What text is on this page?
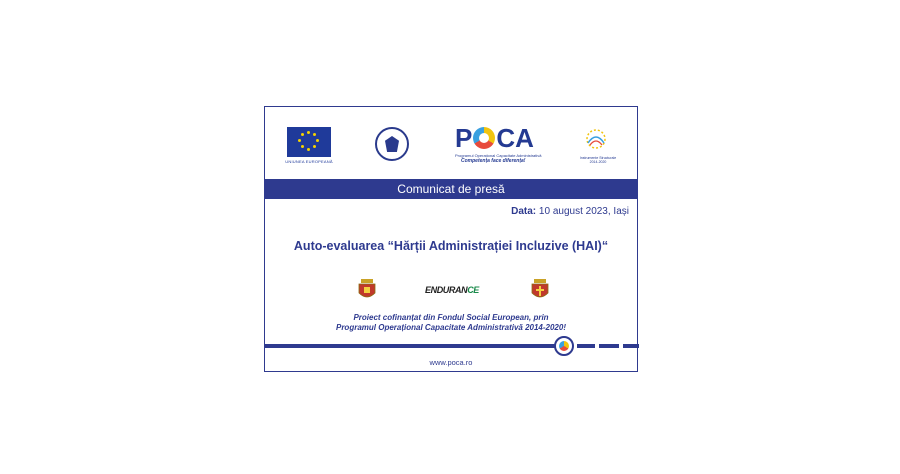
UNIUNEA EUROPEANĂ
P CA
Programul Operațional Capacitate Administrativă
Competența face diferența!	Instrumente Structurale 2014-2020
Comunicat de presă
Data: 10 august 2023, Iași
Auto-evaluarea “Hărții Administrației Incluzive (HAI)“
ENDURANCE
Proiect cofinanțat din Fondul Social European, prin
Programul Operațional Capacitate Administrativă 2014-2020!
www.poca.ro
